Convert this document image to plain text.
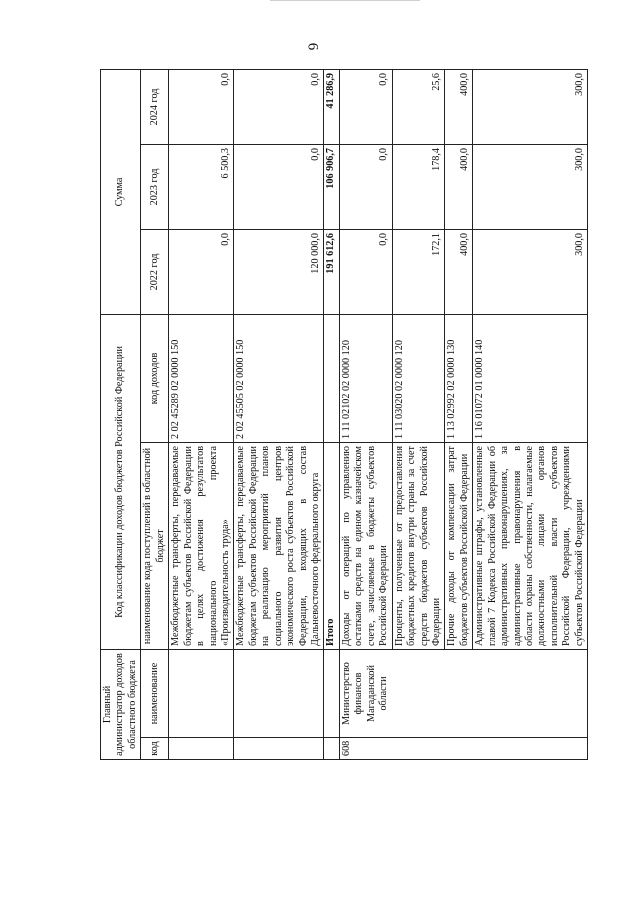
6
Главный администратор доходов областного бюджета		Код классификации доходов бюджетов Российской Федерации		Сумма		
код	наименование					
		наименование кода поступлений в областной бюджет	код доходов	2022 год	2023 год	2024 год
		Межбюджетные трансферты, передаваемые бюджетам субъектов Российской Федерации в целях достижения результатов национального проекта «Производительность труда»	2 02 45289 02 0000 150	0,0	6 500,3	0,0
		Межбюджетные трансферты, передаваемые бюджетам субъектов Российской Федерации на реализацию мероприятий планов социального развития центров экономического роста субъектов Российской Федерации, входящих в состав Дальневосточного федерального округа	2 02 45505 02 0000 150	120 000,0	0,0	0,0
		Итого		191 612,6	106 906,7	41 286,9
608	Министерство финансов Магаданской области	Доходы от операций по управлению остатками средств на едином казначейском счете, зачисляемые в бюджеты субъектов Российской Федерации	1 11 02102 02 0000 120	0,0	0,0	0,0
		Проценты, полученные от предоставления бюджетных кредитов внутри страны за счет средств бюджетов субъектов Российской Федерации	1 11 03020 02 0000 120	172,1	178,4	25,6
		Прочие доходы от компенсации затрат бюджетов субъектов Российской Федерации	1 13 02992 02 0000 130	400,0	400,0	400,0
		Административные штрафы, установленные главой 7 Кодекса Российской Федерации об административных правонарушениях, за административные правонарушения в области охраны собственности, налагаемые должностными лицами органов исполнительной власти субъектов Российской Федерации, учреждениями субъектов Российской Федерации	1 16 01072 01 0000 140	300,0	300,0	300,0
